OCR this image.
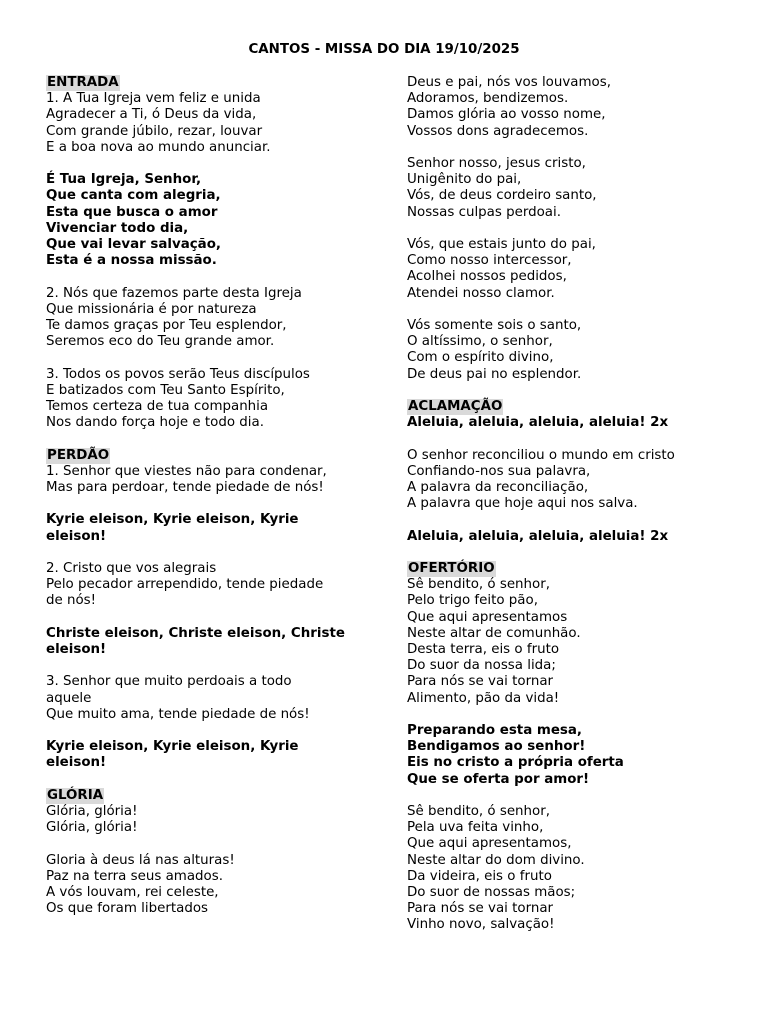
CANTOS - MISSA DO DIA 19/10/2025
ENTRADA
1. A Tua Igreja vem feliz e unida
Agradecer a Ti, ó Deus da vida,
Com grande júbilo, rezar, louvar
E a boa nova ao mundo anunciar.
É Tua Igreja, Senhor,
Que canta com alegria,
Esta que busca o amor
Vivenciar todo dia,
Que vai levar salvação,
Esta é a nossa missão.
2. Nós que fazemos parte desta Igreja
Que missionária é por natureza
Te damos graças por Teu esplendor,
Seremos eco do Teu grande amor.
3. Todos os povos serão Teus discípulos
E batizados com Teu Santo Espírito,
Temos certeza de tua companhia
Nos dando força hoje e todo dia.
PERDÃO
1. Senhor que viestes não para condenar,
Mas para perdoar, tende piedade de nós!
Kyrie eleison, Kyrie eleison, Kyrie
eleison!
2. Cristo que vos alegrais
Pelo pecador arrependido, tende piedade
de nós!
Christe eleison, Christe eleison, Christe
eleison!
3. Senhor que muito perdoais a todo
aquele
Que muito ama, tende piedade de nós!
Kyrie eleison, Kyrie eleison, Kyrie
eleison!
GLÓRIA
Glória, glória!
Glória, glória!
Gloria à deus lá nas alturas!
Paz na terra seus amados.
A vós louvam, rei celeste,
Os que foram libertados
Deus e pai, nós vos louvamos,
Adoramos, bendizemos.
Damos glória ao vosso nome,
Vossos dons agradecemos.
Senhor nosso, jesus cristo,
Unigênito do pai,
Vós, de deus cordeiro santo,
Nossas culpas perdoai.
Vós, que estais junto do pai,
Como nosso intercessor,
Acolhei nossos pedidos,
Atendei nosso clamor.
Vós somente sois o santo,
O altíssimo, o senhor,
Com o espírito divino,
De deus pai no esplendor.
ACLAMAÇÃO
Aleluia, aleluia, aleluia, aleluia! 2x
O senhor reconciliou o mundo em cristo
Confiando-nos sua palavra,
A palavra da reconciliação,
A palavra que hoje aqui nos salva.
Aleluia, aleluia, aleluia, aleluia! 2x
OFERTÓRIO
Sê bendito, ó senhor,
Pelo trigo feito pão,
Que aqui apresentamos
Neste altar de comunhão.
Desta terra, eis o fruto
Do suor da nossa lida;
Para nós se vai tornar
Alimento, pão da vida!
Preparando esta mesa,
Bendigamos ao senhor!
Eis no cristo a própria oferta
Que se oferta por amor!
Sê bendito, ó senhor,
Pela uva feita vinho,
Que aqui apresentamos,
Neste altar do dom divino.
Da videira, eis o fruto
Do suor de nossas mãos;
Para nós se vai tornar
Vinho novo, salvação!
